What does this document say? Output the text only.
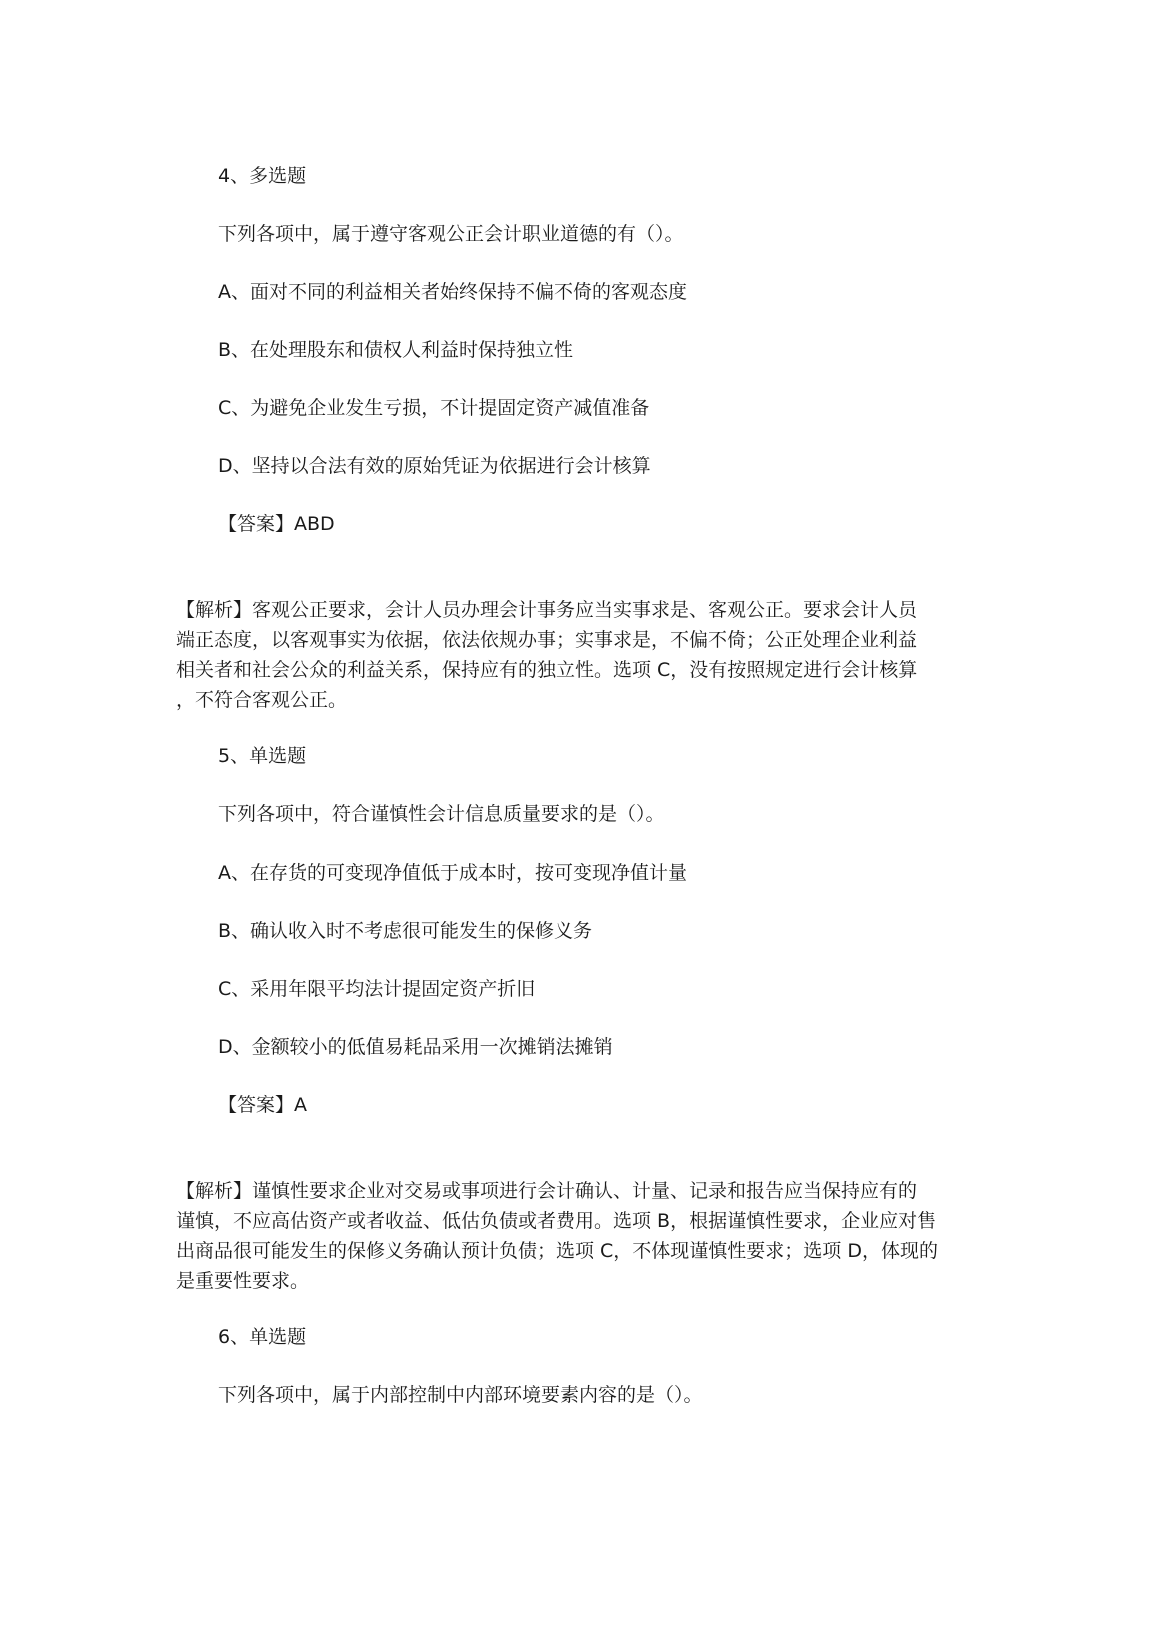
4、多选题
下列各项中，属于遵守客观公正会计职业道德的有（）。
A、面对不同的利益相关者始终保持不偏不倚的客观态度
B、在处理股东和债权人利益时保持独立性
C、为避免企业发生亏损，不计提固定资产减值准备
D、坚持以合法有效的原始凭证为依据进行会计核算
【答案】ABD
【解析】客观公正要求，会计人员办理会计事务应当实事求是、客观公正。要求会计人员
端正态度，以客观事实为依据，依法依规办事；实事求是，不偏不倚；公正处理企业利益
相关者和社会公众的利益关系，保持应有的独立性。选项 C，没有按照规定进行会计核算
，不符合客观公正。
5、单选题
下列各项中，符合谨慎性会计信息质量要求的是（）。
A、在存货的可变现净值低于成本时，按可变现净值计量
B、确认收入时不考虑很可能发生的保修义务
C、采用年限平均法计提固定资产折旧
D、金额较小的低值易耗品采用一次摊销法摊销
【答案】A
【解析】谨慎性要求企业对交易或事项进行会计确认、计量、记录和报告应当保持应有的
谨慎，不应高估资产或者收益、低估负债或者费用。选项 B，根据谨慎性要求，企业应对售
出商品很可能发生的保修义务确认预计负债；选项 C，不体现谨慎性要求；选项 D，体现的
是重要性要求。
6、单选题
下列各项中，属于内部控制中内部环境要素内容的是（）。
